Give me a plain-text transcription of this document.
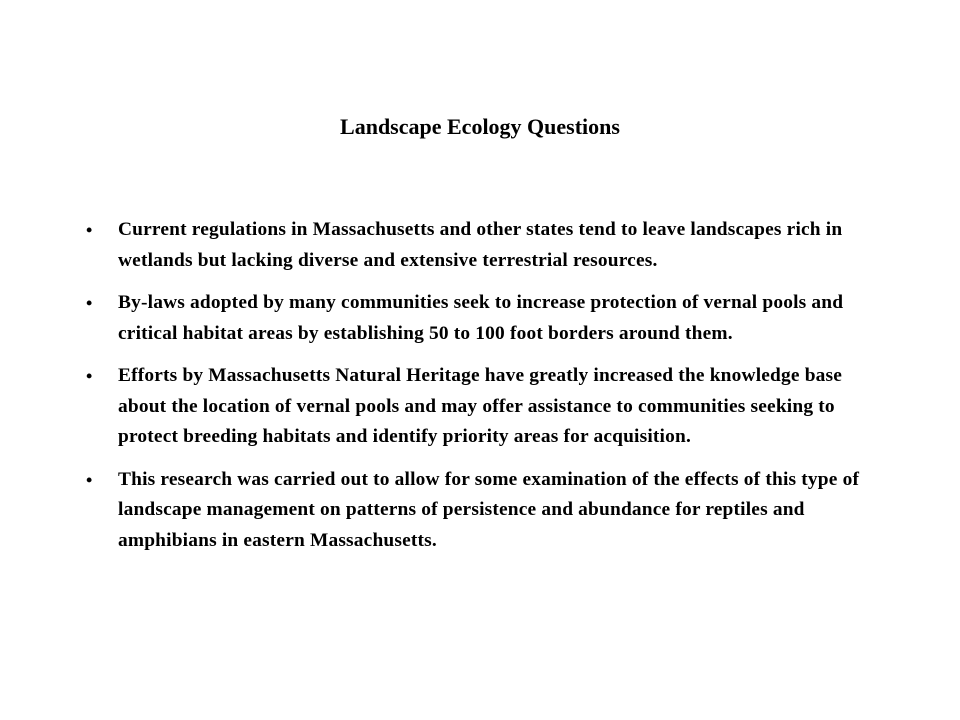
Landscape Ecology Questions
•	Current regulations in Massachusetts and other states tend to leave landscapes rich in wetlands but lacking diverse and extensive terrestrial resources.
•	By-laws adopted by many communities seek to increase protection of vernal pools and critical habitat areas by establishing 50 to 100 foot borders around them.
•	Efforts by Massachusetts Natural Heritage have greatly increased the knowledge base about the location of vernal pools and may offer assistance to communities seeking to protect breeding habitats and identify priority areas for acquisition.
•	This research was carried out to allow for some examination of the effects of this type of landscape management on patterns of persistence and abundance for reptiles and amphibians in eastern Massachusetts.
